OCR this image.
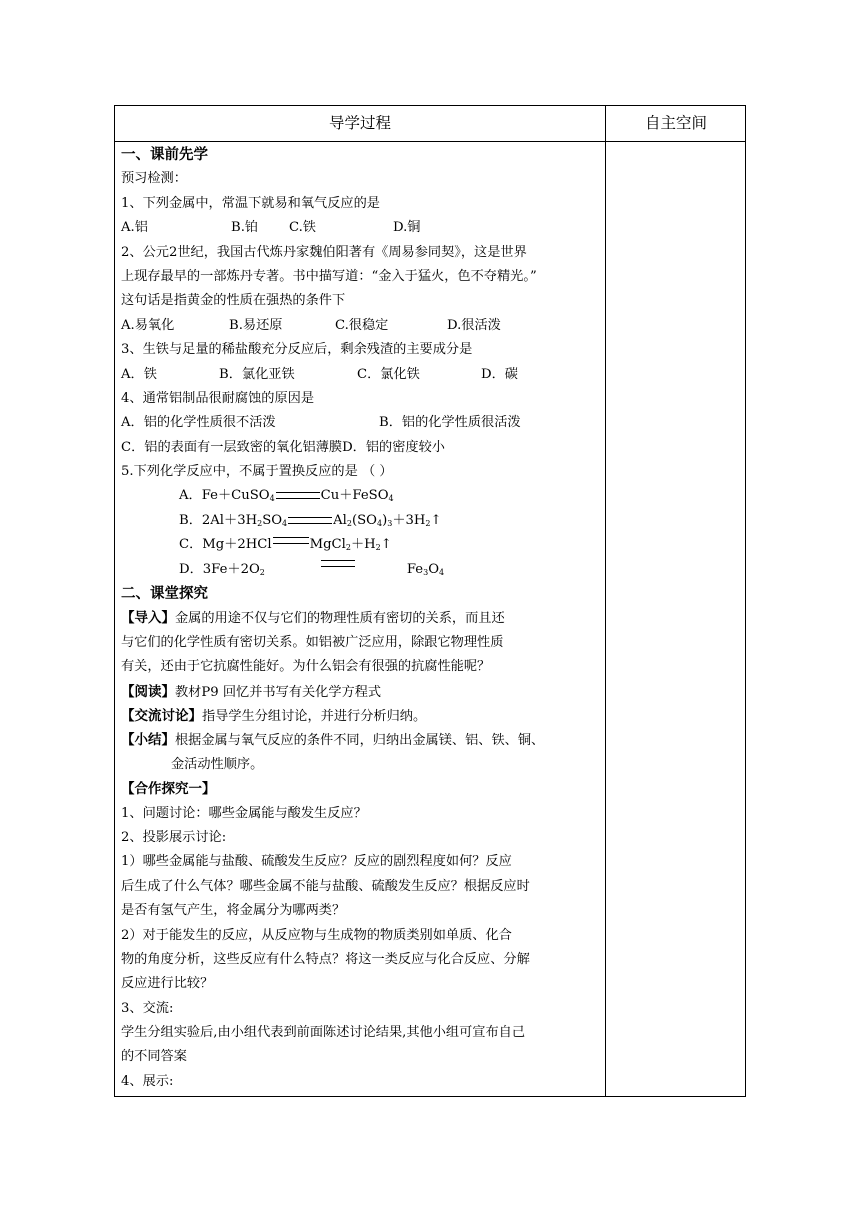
导学过程	自主空间
一、课前先学
预习检测：
1、下列金属中，常温下就易和氧气反应的是
A.铝	B.铂 C.铁	D.铜
2、公元2世纪，我国古代炼丹家魏伯阳著有《周易参同契》，这是世界
上现存最早的一部炼丹专著。书中描写道：“金入于猛火，色不夺精光。”
这句话是指黄金的性质在强热的条件下
A.易氧化	B.易还原	C.很稳定	D.很活泼
3、生铁与足量的稀盐酸充分反应后，剩余残渣的主要成分是
A．铁	B．氯化亚铁	C．氯化铁	D．碳
4、通常铝制品很耐腐蚀的原因是
A．铝的化学性质很不活泼	B．铝的化学性质很活泼
C．铝的表面有一层致密的氧化铝薄膜D．铝的密度较小
5.下列化学反应中，不属于置换反应的是 （ ）
A．Fe＋CuSO$_4$	Cu＋FeSO$_4$
B．$2Al+3H_2SO_4$	$Al_2(SO_4)_3+3H_2↑$
C．Mg＋2HCl	$MgCl_2+H_2↑$
D．$3Fe+2O_2$	$Fe_3O_4$
二、课堂探究
【导入】金属的用途不仅与它们的物理性质有密切的关系，而且还
与它们的化学性质有密切关系。如铝被广泛应用，除跟它物理性质
有关，还由于它抗腐性能好。为什么铝会有很强的抗腐性能呢？
【阅读】教材P9 回忆并书写有关化学方程式
【交流讨论】指导学生分组讨论，并进行分析归纳。
【小结】根据金属与氧气反应的条件不同，归纳出金属镁、铝、铁、铜、
金活动性顺序。
【合作探究一】
1、问题讨论：哪些金属能与酸发生反应？
2、投影展示讨论:
1）哪些金属能与盐酸、硫酸发生反应？反应的剧烈程度如何？反应
后生成了什么气体？哪些金属不能与盐酸、硫酸发生反应？根据反应时
是否有氢气产生，将金属分为哪两类？
2）对于能发生的反应，从反应物与生成物的物质类别如单质、化合
物的角度分析，这些反应有什么特点？将这一类反应与化合反应、分解
反应进行比较？
3、交流:
学生分组实验后,由小组代表到前面陈述讨论结果,其他小组可宣布自己
的不同答案
4、展示:
